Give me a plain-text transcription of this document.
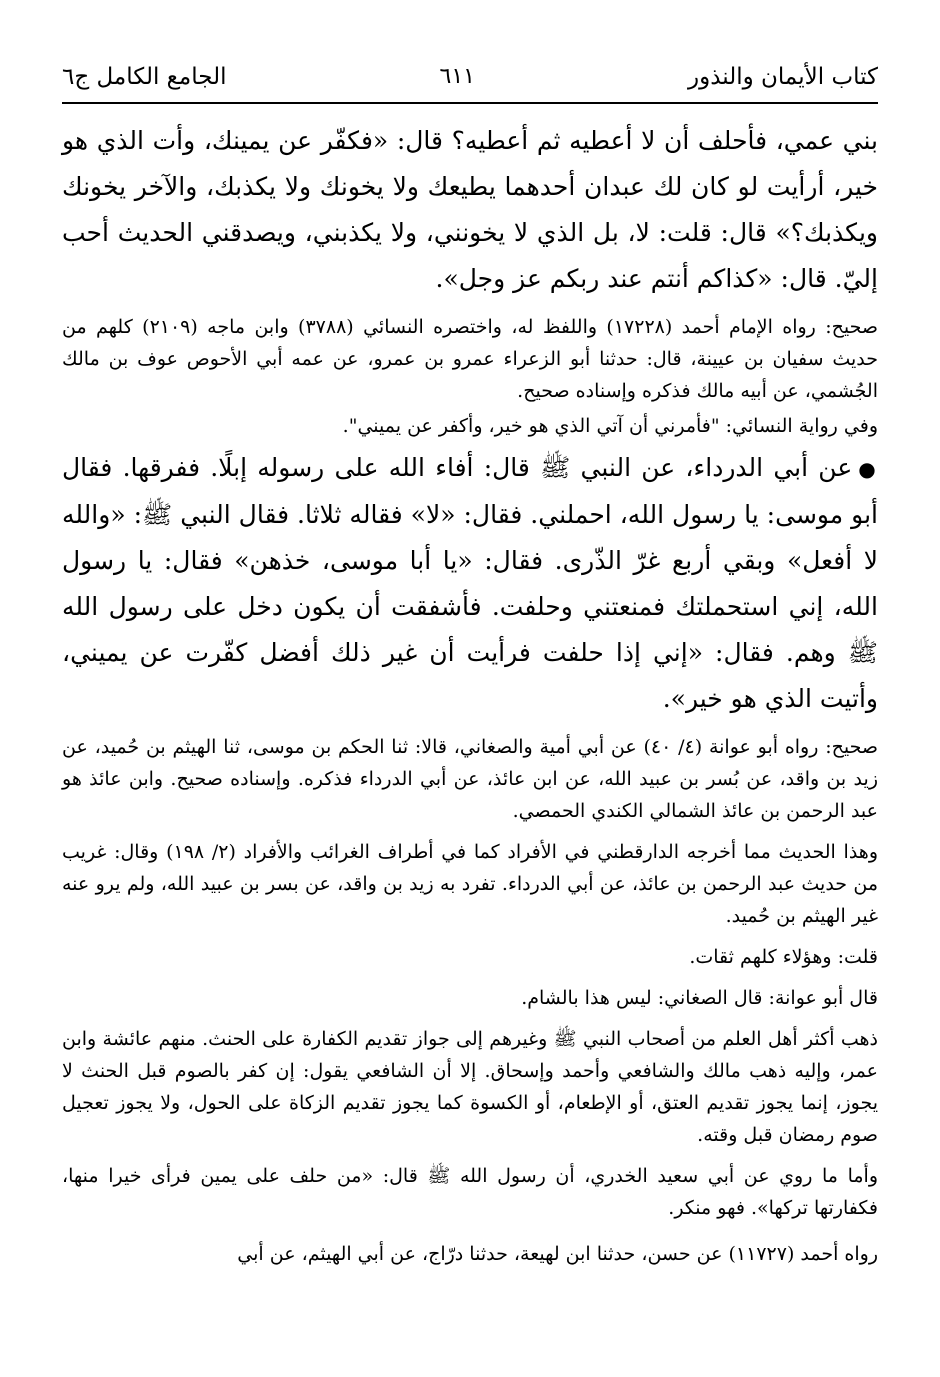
كتاب الأيمان والنذور
٦١١
الجامع الكامل ج٦

بني عمي، فأحلف أن لا أعطيه ثم أعطيه؟ قال: «فكفّر عن يمينك، وأت الذي هو خير، أرأيت لو كان لك عبدان أحدهما يطيعك ولا يخونك ولا يكذبك، والآخر يخونك ويكذبك؟» قال: قلت: لا، بل الذي لا يخونني، ولا يكذبني، ويصدقني الحديث أحب إليّ. قال: «كذاكم أنتم عند ربكم عز وجل».

صحيح: رواه الإمام أحمد (١٧٢٢٨) واللفظ له، واختصره النسائي (٣٧٨٨) وابن ماجه (٢١٠٩) كلهم من حديث سفيان بن عيينة، قال: حدثنا أبو الزعراء عمرو بن عمرو، عن عمه أبي الأحوص عوف بن مالك الجُشمي، عن أبيه مالك فذكره وإسناده صحيح.

وفي رواية النسائي: "فأمرني أن آتي الذي هو خير، وأكفر عن يميني".

●عن أبي الدرداء، عن النبي ﷺ قال: أفاء الله على رسوله إبلًا. ففرقها. فقال أبو موسى: يا رسول الله، احملني. فقال: «لا» فقاله ثلاثا. فقال النبي ﷺ: «والله لا أفعل» وبقي أربع غرّ الذّرى. فقال: «يا أبا موسى، خذهن» فقال: يا رسول الله، إني استحملتك فمنعتني وحلفت. فأشفقت أن يكون دخل على رسول الله ﷺ وهم. فقال: «إني إذا حلفت فرأيت أن غير ذلك أفضل كفّرت عن يميني، وأتيت الذي هو خير».

صحيح: رواه أبو عوانة (٤/ ٤٠) عن أبي أمية والصغاني، قالا: ثنا الحكم بن موسى، ثنا الهيثم بن حُميد، عن زيد بن واقد، عن بُسر بن عبيد الله، عن ابن عائذ، عن أبي الدرداء فذكره. وإسناده صحيح. وابن عائذ هو عبد الرحمن بن عائذ الشمالي الكندي الحمصي.

وهذا الحديث مما أخرجه الدارقطني في الأفراد كما في أطراف الغرائب والأفراد (٢/ ١٩٨) وقال: غريب من حديث عبد الرحمن بن عائذ، عن أبي الدرداء. تفرد به زيد بن واقد، عن بسر بن عبيد الله، ولم يرو عنه غير الهيثم بن حُميد.

قلت: وهؤلاء كلهم ثقات.

قال أبو عوانة: قال الصغاني: ليس هذا بالشام.

ذهب أكثر أهل العلم من أصحاب النبي ﷺ وغيرهم إلى جواز تقديم الكفارة على الحنث. منهم عائشة وابن عمر، وإليه ذهب مالك والشافعي وأحمد وإسحاق. إلا أن الشافعي يقول: إن كفر بالصوم قبل الحنث لا يجوز، إنما يجوز تقديم العتق، أو الإطعام، أو الكسوة كما يجوز تقديم الزكاة على الحول، ولا يجوز تعجيل صوم رمضان قبل وقته.

وأما ما روي عن أبي سعيد الخدري، أن رسول الله ﷺ قال: «من حلف على يمين فرأى خيرا منها، فكفارتها تركها». فهو منكر.

رواه أحمد (١١٧٢٧) عن حسن، حدثنا ابن لهيعة، حدثنا درّاج، عن أبي الهيثم، عن أبي
